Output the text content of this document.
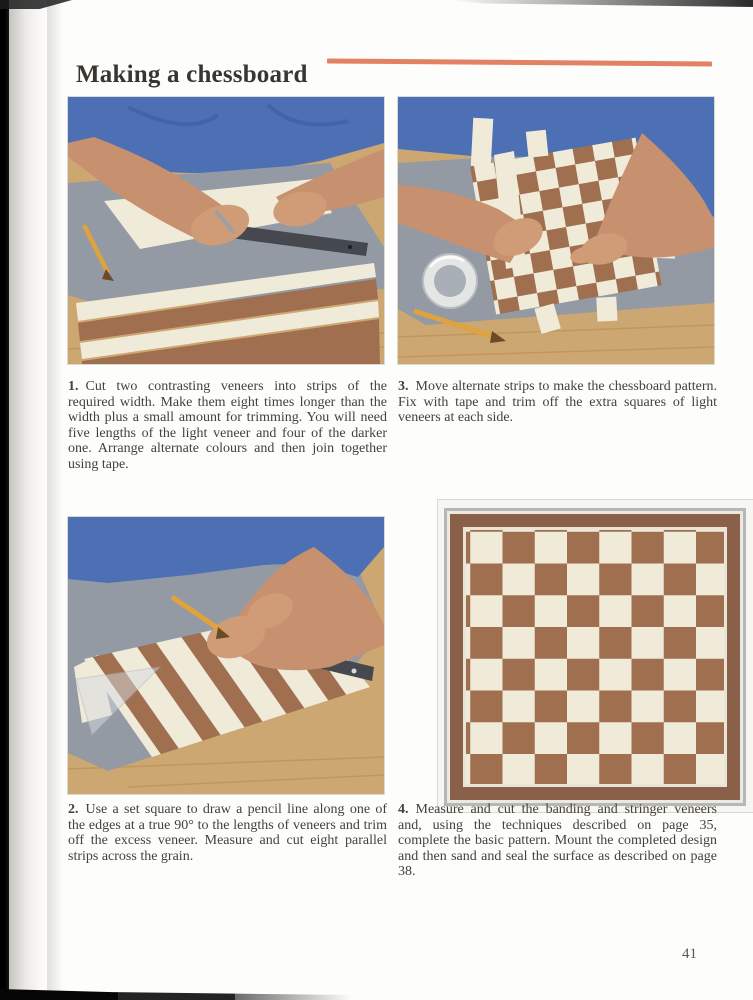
Making a chessboard

1. Cut two contrasting veneers into strips of the required width. Make them eight times longer than the width plus a small amount for trimming. You will need five lengths of the light veneer and four of the darker one. Arrange alternate colours and then join together using tape.

3. Move alternate strips to make the chessboard pattern. Fix with tape and trim off the extra squares of light veneers at each side.

2. Use a set square to draw a pencil line along one of the edges at a true 90° to the lengths of veneers and trim off the excess veneer. Measure and cut eight parallel strips across the grain.

4. Measure and cut the banding and stringer veneers and, using the techniques described on page 35, complete the basic pattern. Mount the completed design and then sand and seal the surface as described on page 38.

41
